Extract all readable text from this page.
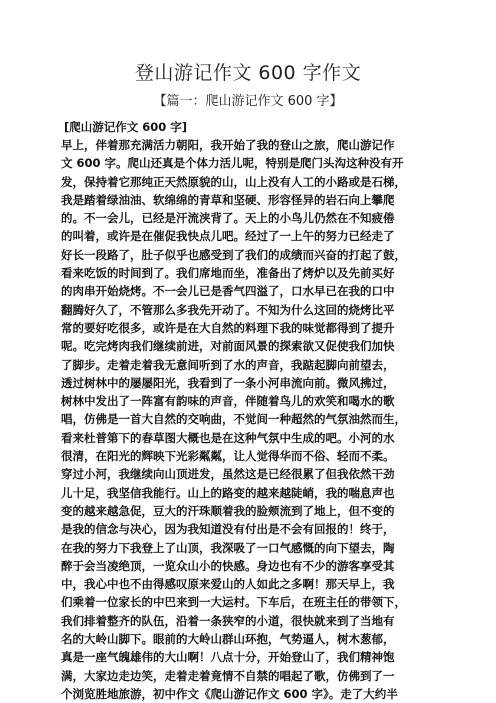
登山游记作文 600 字作文
【篇一：爬山游记作文 600 字】
[爬山游记作文 600 字]
早上，伴着那充满活力朝阳，我开始了我的登山之旅，爬山游记作
文 600 字。爬山还真是个体力活儿呢，特别是爬门头沟这种没有开
发，保持着它那纯正天然原貌的山，山上没有人工的小路或是石梯，
我是踏着绿油油、软绵绵的青草和坚硬、形容怪异的岩石向上攀爬
的。不一会儿，已经是汗流浃背了。天上的小鸟儿仍然在不知疲倦
的叫着，或许是在催促我快点儿吧。经过了一上午的努力已经走了
好长一段路了，肚子似乎也感受到了我们的成绩而兴奋的打起了鼓，
看来吃饭的时间到了。我们席地而坐，准备出了烤炉以及先前买好
的肉串开始烧烤。不一会儿已是香气四溢了，口水早已在我的口中
翻腾好久了，不管那么多我先开动了。不知为什么这回的烧烤比平
常的要好吃很多，或许是在大自然的料理下我的味觉都得到了提升
呢。吃完烤肉我们继续前进，对前面风景的探索欲又促使我们加快
了脚步。走着走着我无意间听到了水的声音，我踮起脚向前望去，
透过树林中的屡屡阳光，我看到了一条小河串流向前。微风拂过，
树林中发出了一阵富有韵味的声音，伴随着鸟儿的欢笑和喝水的歌
唱，仿佛是一首大自然的交响曲，不觉间一种超然的气氛油然而生，
看来杜普第下的春草图大概也是在这种气氛中生成的吧。小河的水
很清，在阳光的辉映下光彩粼粼，让人觉得华而不俗、轻而不柔。
穿过小河，我继续向山顶进发，虽然这是已经很累了但我依然干劲
儿十足，我坚信我能行。山上的路变的越来越陡峭，我的喘息声也
变的越来越急促，豆大的汗珠顺着我的脸颊流到了地上，但不变的
是我的信念与决心，因为我知道没有付出是不会有回报的！终于，
在我的努力下我登上了山顶，我深吸了一口气感慨的向下望去，陶
醉于会当凌绝顶，一览众山小的快感。身边也有不少的游客享受其
中，我心中也不由得感叹原来爱山的人如此之多啊！那天早上，我
们乘着一位家长的中巴来到一大运村。下车后，在班主任的带领下，
我们排着整齐的队伍，沿着一条狭窄的小道，很快就来到了当地有
名的大岭山脚下。眼前的大岭山群山环抱，气势逼人，树木葱郁，
真是一座气魄雄伟的大山啊！八点十分，开始登山了，我们精神饱
满，大家边走边笑，走着走着竟情不自禁的唱起了歌，仿佛到了一
个浏览胜地旅游，初中作文《爬山游记作文 600 字》。走了大约半
